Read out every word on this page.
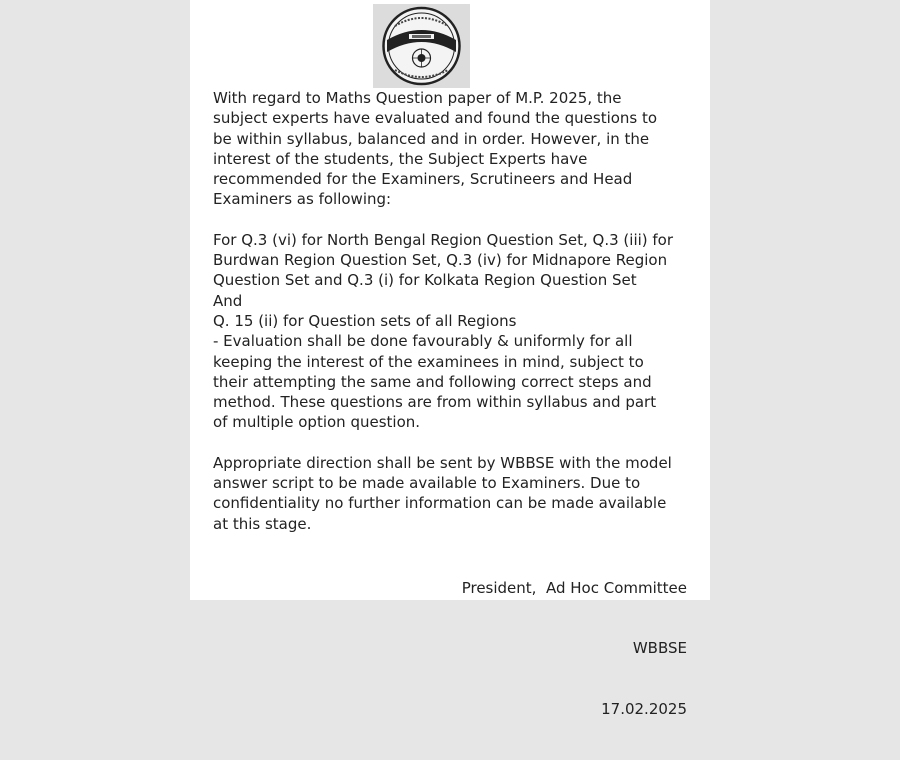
With regard to Maths Question paper of M.P. 2025, the
subject experts have evaluated and found the questions to
be within syllabus, balanced and in order. However, in the
interest of the students, the Subject Experts have
recommended for the Examiners, Scrutineers and Head
Examiners as following:

For Q.3 (vi) for North Bengal Region Question Set, Q.3 (iii) for
Burdwan Region Question Set, Q.3 (iv) for Midnapore Region
Question Set and Q.3 (i) for Kolkata Region Question Set
And
Q. 15 (ii) for Question sets of all Regions
- Evaluation shall be done favourably & uniformly for all
keeping the interest of the examinees in mind, subject to
their attempting the same and following correct steps and
method. These questions are from within syllabus and part
of multiple option question.

Appropriate direction shall be sent by WBBSE with the model
answer script to be made available to Examiners. Due to
confidentiality no further information can be made available
at this stage.

President,  Ad Hoc Committee

WBBSE

17.02.2025
